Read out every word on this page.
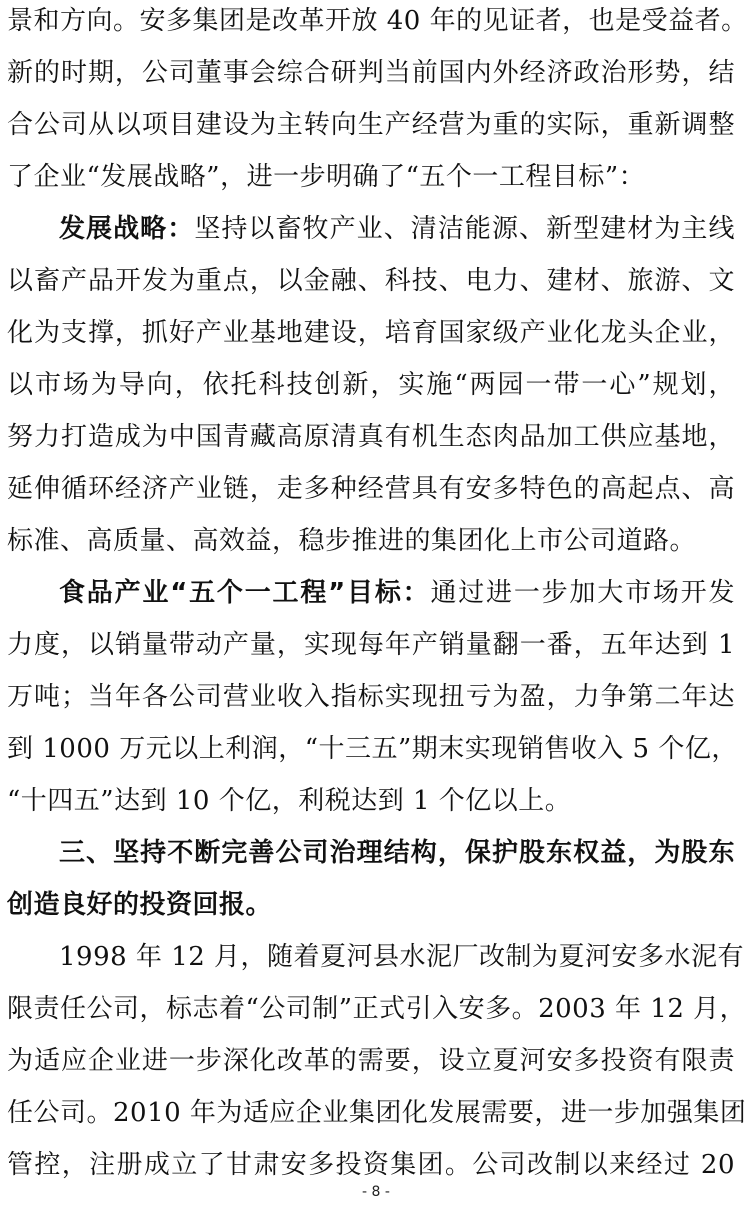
景和方向。安多集团是改革开放 40 年的见证者，也是受益者。
新的时期，公司董事会综合研判当前国内外经济政治形势，结
合公司从以项目建设为主转向生产经营为重的实际，重新调整
了企业“发展战略”，进一步明确了“五个一工程目标”：
发展战略：坚持以畜牧产业、清洁能源、新型建材为主线
以畜产品开发为重点，以金融、科技、电力、建材、旅游、文
化为支撑，抓好产业基地建设，培育国家级产业化龙头企业，
以市场为导向，依托科技创新，实施“两园一带一心”规划，
努力打造成为中国青藏高原清真有机生态肉品加工供应基地，
延伸循环经济产业链，走多种经营具有安多特色的高起点、高
标准、高质量、高效益，稳步推进的集团化上市公司道路。
食品产业“五个一工程”目标：通过进一步加大市场开发
力度，以销量带动产量，实现每年产销量翻一番，五年达到 1
万吨；当年各公司营业收入指标实现扭亏为盈，力争第二年达
到 1000 万元以上利润，“十三五”期末实现销售收入 5 个亿，
“十四五”达到 10 个亿，利税达到 1 个亿以上。
三、坚持不断完善公司治理结构，保护股东权益，为股东
创造良好的投资回报。
1998 年 12 月，随着夏河县水泥厂改制为夏河安多水泥有
限责任公司，标志着“公司制”正式引入安多。2003 年 12 月，
为适应企业进一步深化改革的需要，设立夏河安多投资有限责
任公司。2010 年为适应企业集团化发展需要，进一步加强集团
管控，注册成立了甘肃安多投资集团。公司改制以来经过 20
- 8 -
